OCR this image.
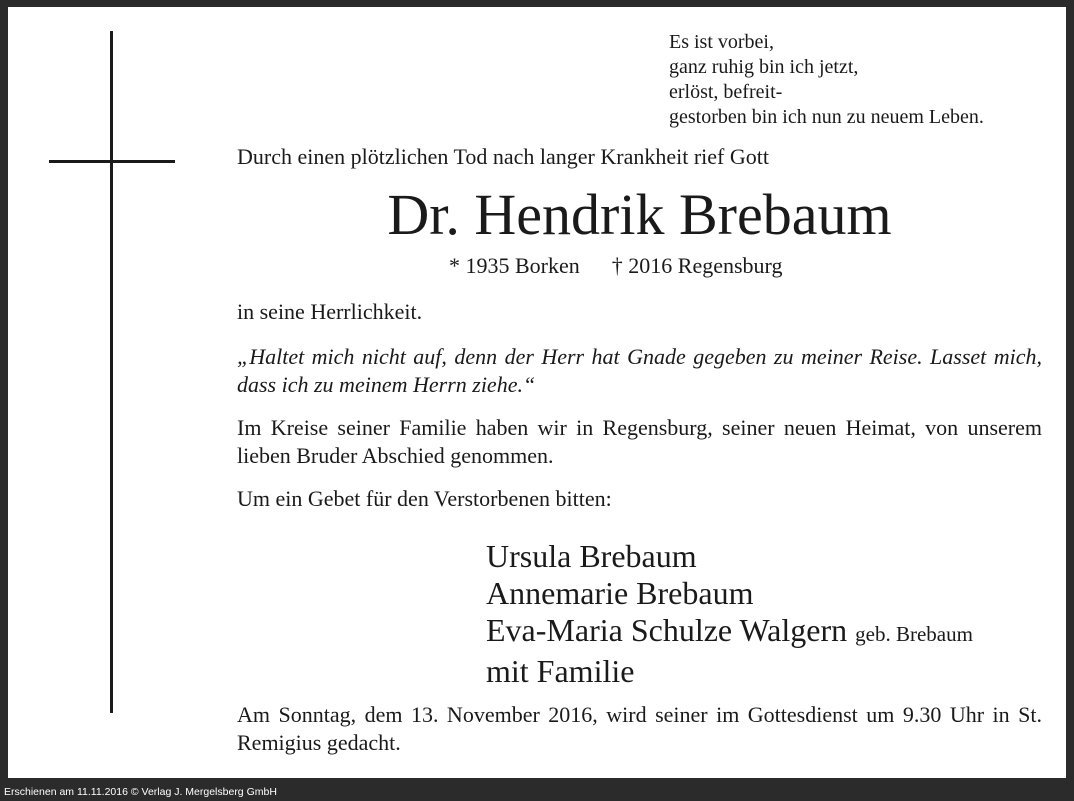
Es ist vorbei,
ganz ruhig bin ich jetzt,
erlöst, befreit-
gestorben bin ich nun zu neuem Leben.
Durch einen plötzlichen Tod nach langer Krankheit rief Gott
Dr. Hendrik Brebaum
* 1935 Borken † 2016 Regensburg
in seine Herrlichkeit.
„Haltet mich nicht auf, denn der Herr hat Gnade gegeben zu meiner Reise. Lasset mich, dass ich zu meinem Herrn ziehe.“
Im Kreise seiner Familie haben wir in Regensburg, seiner neuen Heimat, von unserem lieben Bruder Abschied genommen.
Um ein Gebet für den Verstorbenen bitten:
Ursula Brebaum
Annemarie Brebaum
Eva-Maria Schulze Walgern geb. Brebaum
mit Familie
Am Sonntag, dem 13. November 2016, wird seiner im Gottesdienst um 9.30 Uhr in St. Remigius gedacht.
Erschienen am 11.11.2016 © Verlag J. Mergelsberg GmbH
